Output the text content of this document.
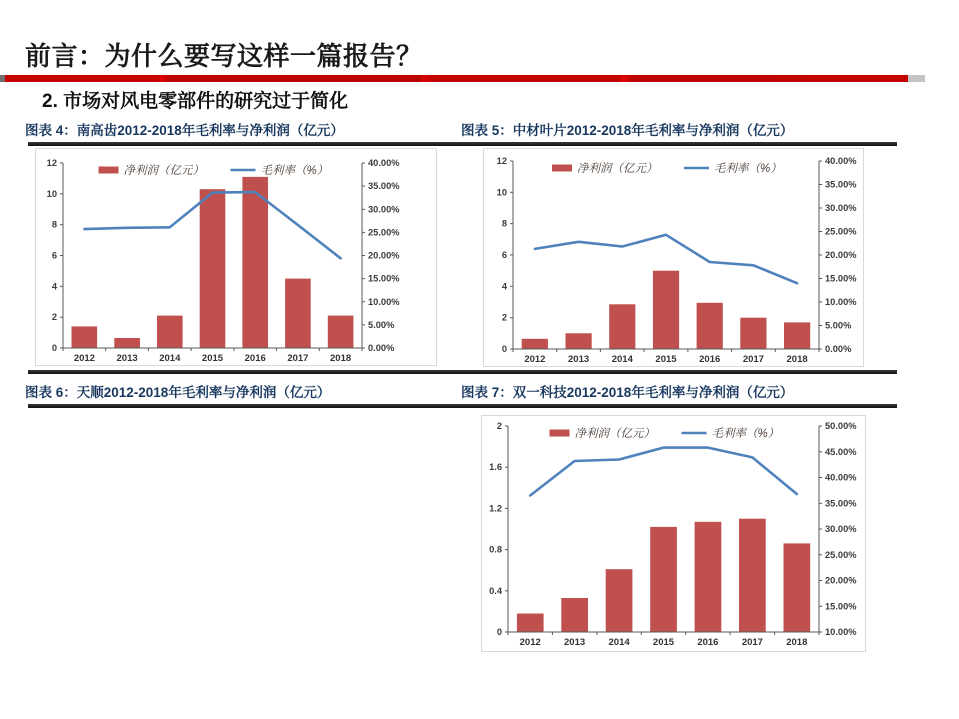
前言：为什么要写这样一篇报告？
2. 市场对风电零部件的研究过于简化
图表 4：南高齿2012-2018年毛利率与净利润（亿元）	图表 5：中材叶片2012-2018年毛利率与净利润（亿元）
0
2
4
6
8
10
12
0.00%
5.00%
10.00%
15.00%
20.00%
25.00%
30.00%
35.00%
40.00%
2012 2013 2014 2015 2016 2017 2018
净利润（亿元）	毛利率（%）
0
2
4
6
8
10
12
0.00%
5.00%
10.00%
15.00%
20.00%
25.00%
30.00%
35.00%
40.00%
2012 2013 2014 2015 2016 2017 2018
净利润（亿元）	毛利率（%）
图表 6：天顺2012-2018年毛利率与净利润（亿元）	图表 7：双一科技2012-2018年毛利率与净利润（亿元）
0
0.4
0.8
1.2
1.6
2
10.00%
15.00%
20.00%
25.00%
30.00%
35.00%
40.00%
45.00%
50.00%
2012 2013 2014 2015 2016 2017 2018
净利润（亿元）	毛利率（%）
